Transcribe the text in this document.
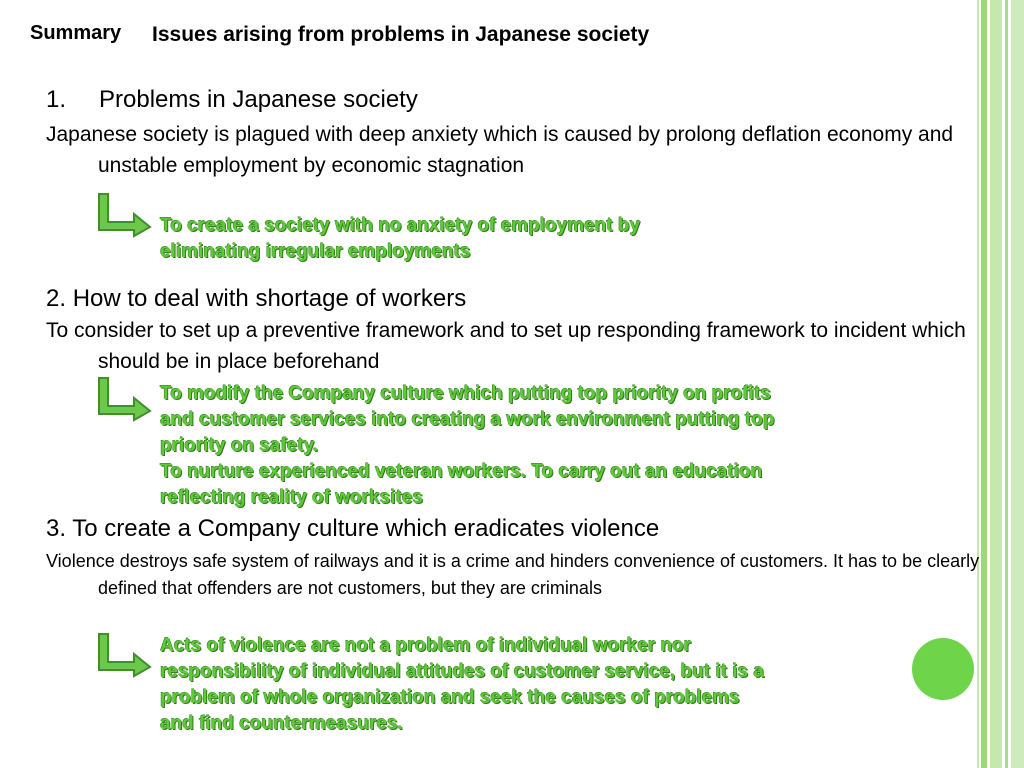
Summary Issues arising from problems in Japanese society
1. Problems in Japanese society
Japanese society is plagued with deep anxiety which is caused by prolong deflation economy and unstable employment by economic stagnation
To create a society with no anxiety of employment by
eliminating irregular employments
2. How to deal with shortage of workers
To consider to set up a preventive framework and to set up responding framework to incident which should be in place beforehand
To modify the Company culture which putting top priority on profits
and customer services into creating a work environment putting top
priority on safety.
To nurture experienced veteran workers. To carry out an education
reflecting reality of worksites
3. To create a Company culture which eradicates violence
Violence destroys safe system of railways and it is a crime and hinders convenience of customers. It has to be clearly defined that offenders are not customers, but they are criminals
Acts of violence are not a problem of individual worker nor
responsibility of individual attitudes of customer service, but it is a
problem of whole organization and seek the causes of problems
and find countermeasures.
